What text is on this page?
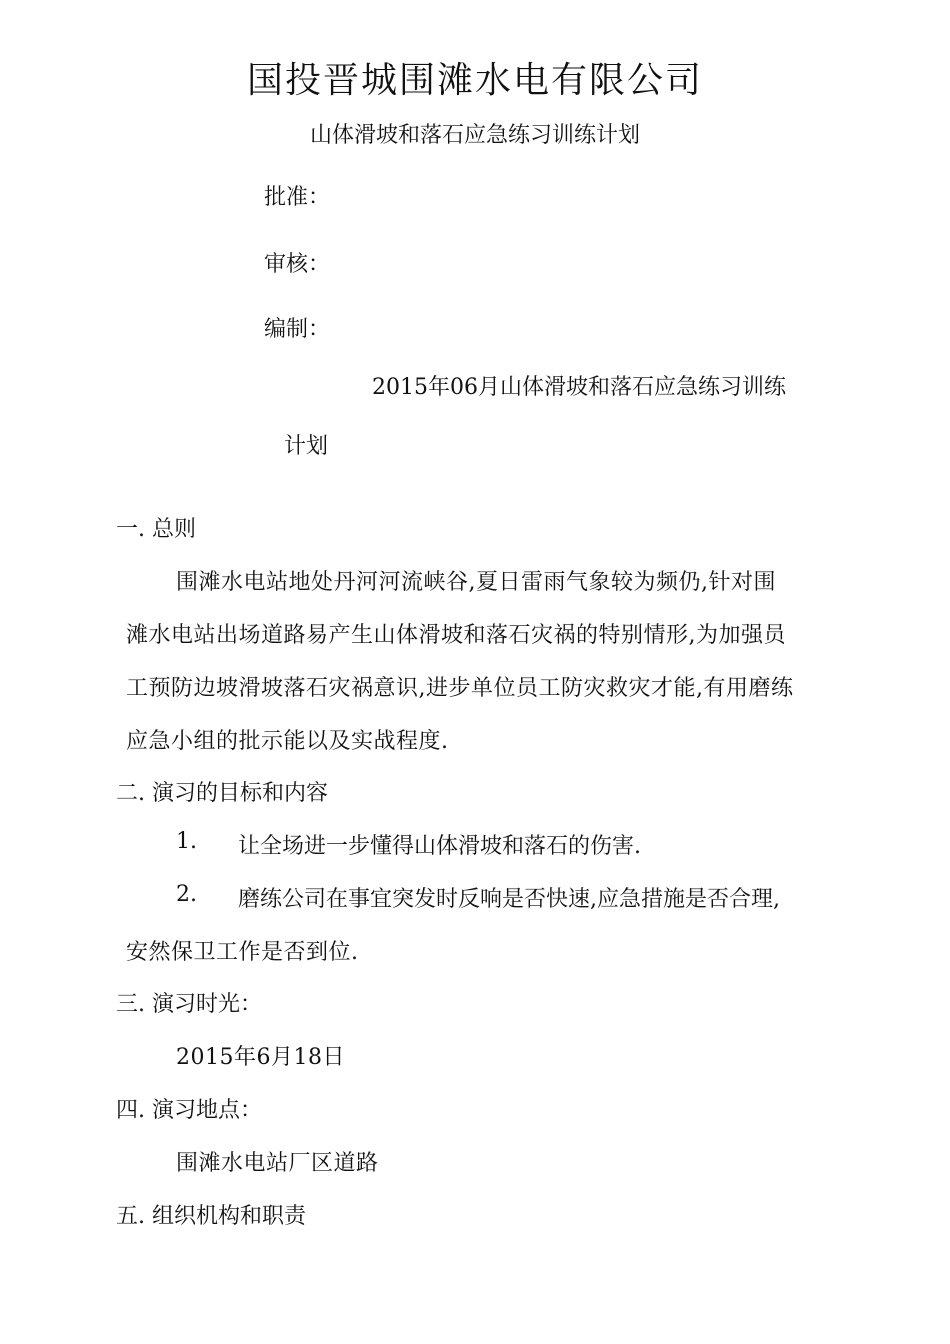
国投晋城围滩水电有限公司
山体滑坡和落石应急练习训练计划
批准：
审核：
编制：
2015年06月山体滑坡和落石应急练习训练
计划
一. 总则
围滩水电站地处丹河河流峡谷,夏日雷雨气象较为频仍,针对围
滩水电站出场道路易产生山体滑坡和落石灾祸的特别情形,为加强员
工预防边坡滑坡落石灾祸意识,进步单位员工防灾救灾才能,有用磨练
应急小组的批示能以及实战程度.
二. 演习的目标和内容
1. 让全场进一步懂得山体滑坡和落石的伤害.
2. 磨练公司在事宜突发时反响是否快速,应急措施是否合理,
安然保卫工作是否到位.
三. 演习时光：
2015年6月18日
四. 演习地点：
围滩水电站厂区道路
五. 组织机构和职责
